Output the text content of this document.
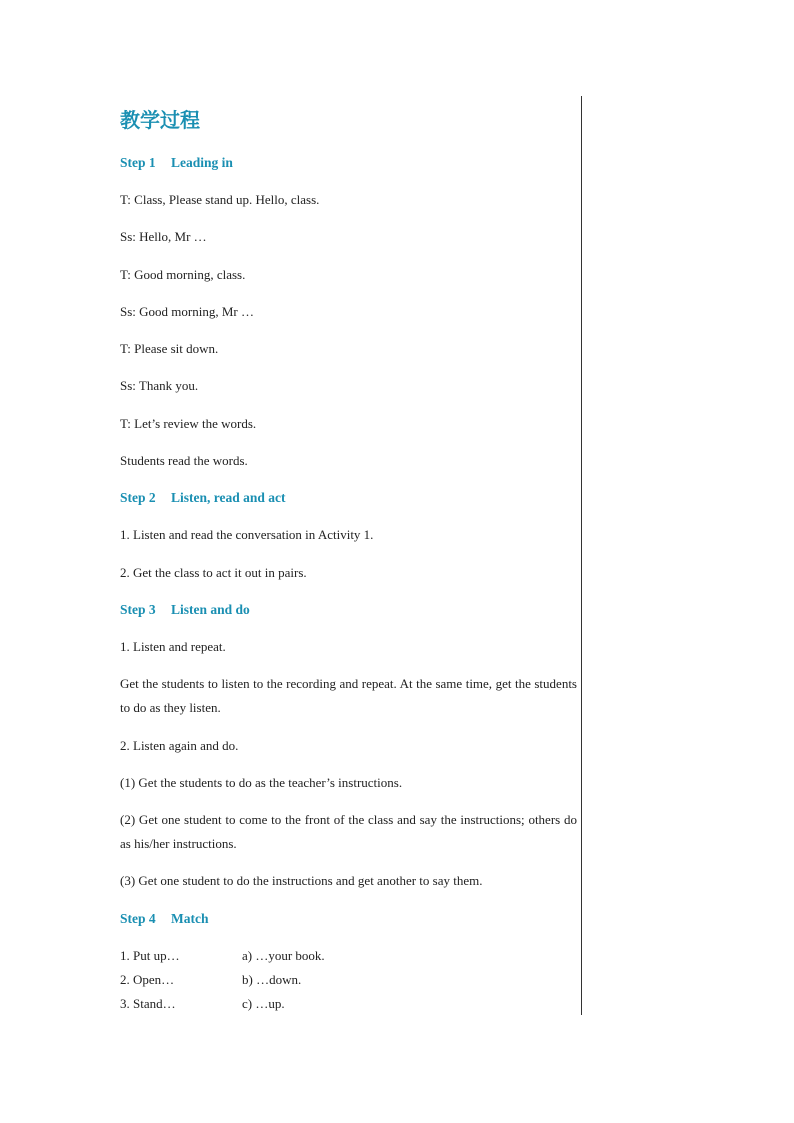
教学过程
Step 1 Leading in
T: Class, Please stand up. Hello, class.
Ss: Hello, Mr …
T: Good morning, class.
Ss: Good morning, Mr …
T: Please sit down.
Ss: Thank you.
T: Let’s review the words.
Students read the words.
Step 2 Listen, read and act
1. Listen and read the conversation in Activity 1.
2. Get the class to act it out in pairs.
Step 3 Listen and do
1. Listen and repeat.
Get the students to listen to the recording and repeat. At the same time, get the students to do as they listen.
2. Listen again and do.
(1) Get the students to do as the teacher’s instructions.
(2) Get one student to come to the front of the class and say the instructions; others do as his/her instructions.
(3) Get one student to do the instructions and get another to say them.
Step 4 Match
1. Put up…	a) …your book.
2. Open…	b) …down.
3. Stand…	c) …up.
